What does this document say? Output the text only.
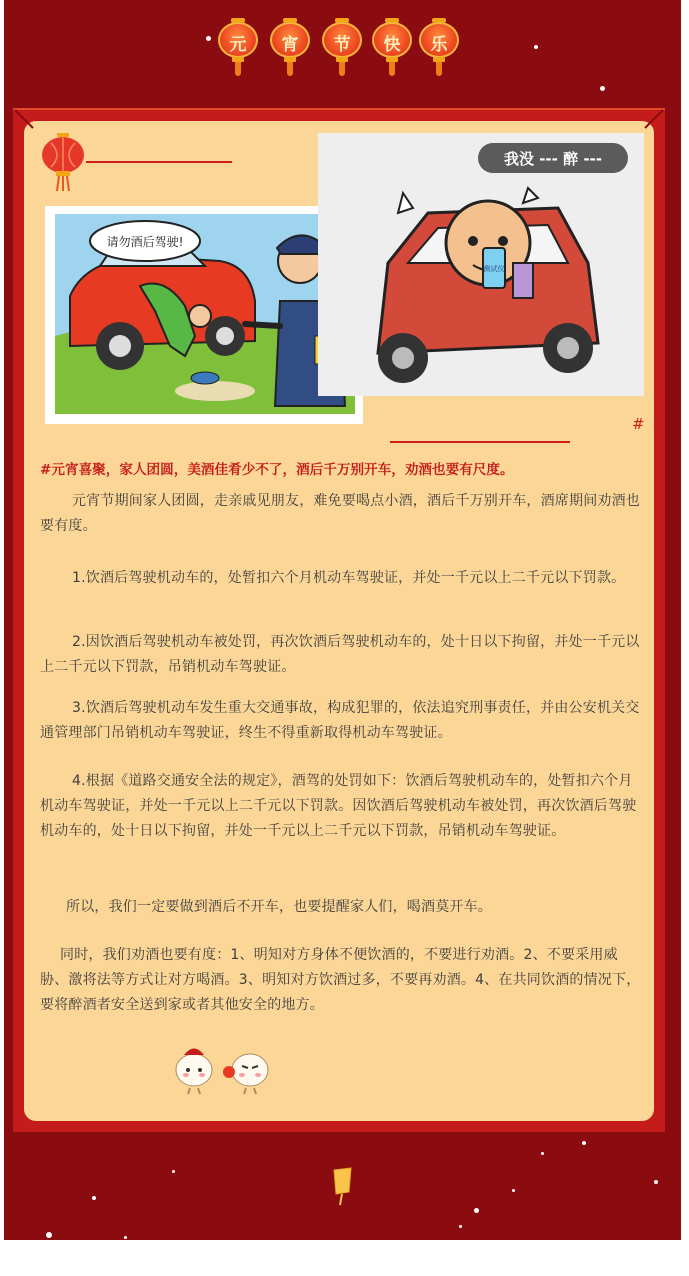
元	宵	节	快	乐
请勿酒后驾驶!
我没 --- 醉 ---
测试仪
#
#元宵喜聚，家人团圆，美酒佳肴少不了，酒后千万别开车，劝酒也要有尺度。

元宵节期间家人团圆，走亲戚见朋友，难免要喝点小酒，酒后千万别开车，酒席期间劝酒也要有度。

1.饮酒后驾驶机动车的，处暂扣六个月机动车驾驶证，并处一千元以上二千元以下罚款。

2.因饮酒后驾驶机动车被处罚，再次饮酒后驾驶机动车的，处十日以下拘留，并处一千元以上二千元以下罚款，吊销机动车驾驶证。

3.饮酒后驾驶机动车发生重大交通事故，构成犯罪的，依法追究刑事责任，并由公安机关交通管理部门吊销机动车驾驶证，终生不得重新取得机动车驾驶证。

4.根据《道路交通安全法的规定》，酒驾的处罚如下：饮酒后驾驶机动车的，处暂扣六个月机动车驾驶证，并处一千元以上二千元以下罚款。因饮酒后驾驶机动车被处罚，再次饮酒后驾驶机动车的，处十日以下拘留，并处一千元以上二千元以下罚款，吊销机动车驾驶证。

所以，我们一定要做到酒后不开车，也要提醒家人们，喝酒莫开车。

同时，我们劝酒也要有度：1、明知对方身体不便饮酒的，不要进行劝酒。2、不要采用威胁、激将法等方式让对方喝酒。3、明知对方饮酒过多，不要再劝酒。4、在共同饮酒的情况下，要将醉酒者安全送到家或者其他安全的地方。
